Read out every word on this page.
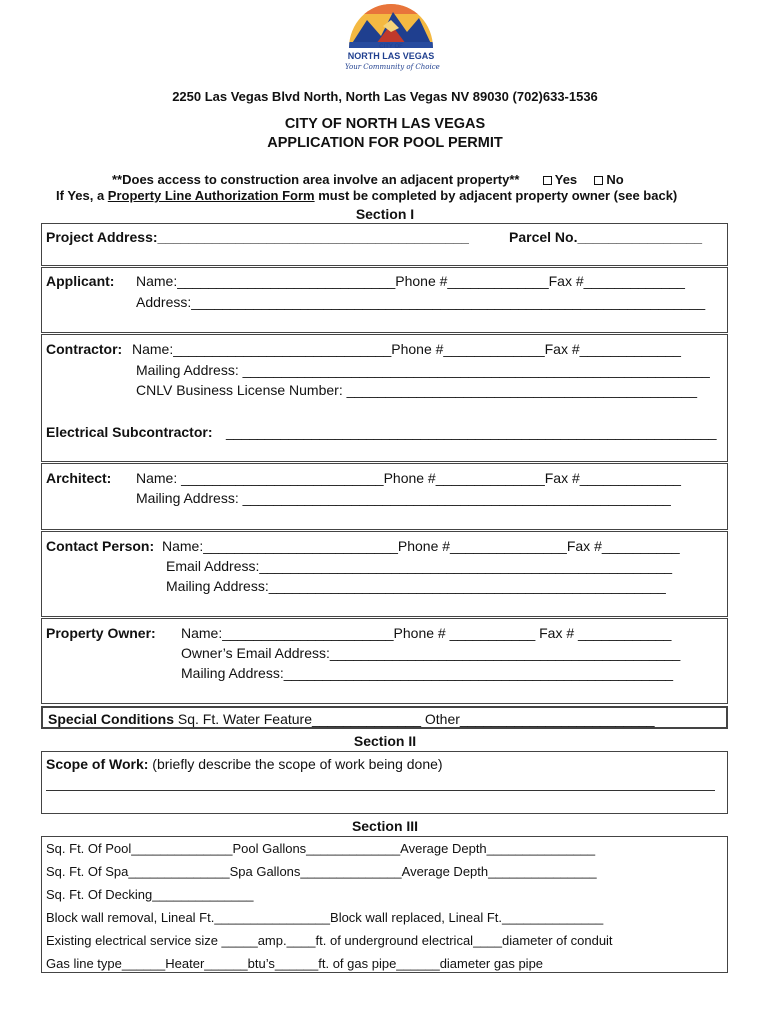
CITY OF
NORTH LAS VEGAS
Your Community of Choice
2250 Las Vegas Blvd North, North Las Vegas NV 89030 (702)633-1536
CITY OF NORTH LAS VEGAS
APPLICATION FOR POOL PERMIT
**Does access to construction area involve an adjacent property**	Yes No
If Yes, a Property Line Authorization Form must be completed by adjacent property owner (see back)
Section I
Project Address:________________________________________	Parcel No.________________
Applicant: Name:____________________________Phone #_____________Fax #_____________
Address:__________________________________________________________________
Contractor: Name:____________________________Phone #_____________Fax #_____________
Mailing Address: ____________________________________________________________
CNLV Business License Number: _____________________________________________
Electrical Subcontractor: _______________________________________________________________
Architect: Name: __________________________Phone #______________Fax #_____________
Mailing Address: _______________________________________________________
Contact Person: Name:_________________________Phone #_______________Fax #__________
Email Address:_____________________________________________________
Mailing Address:___________________________________________________
Property Owner: Name:______________________Phone # ___________ Fax # ____________
Owner’s Email Address:_____________________________________________
Mailing Address:__________________________________________________
Special Conditions Sq. Ft. Water Feature______________ Other_________________________
Section II
Scope of Work: (briefly describe the scope of work being done)
Section III
Sq. Ft. Of Pool______________Pool Gallons_____________Average Depth_______________
Sq. Ft. Of Spa______________Spa Gallons______________Average Depth_______________
Sq. Ft. Of Decking______________
Block wall removal, Lineal Ft.________________Block wall replaced, Lineal Ft.______________
Existing electrical service size _____amp.____ft. of underground electrical____diameter of conduit
Gas line type______Heater______btu’s______ft. of gas pipe______diameter gas pipe
